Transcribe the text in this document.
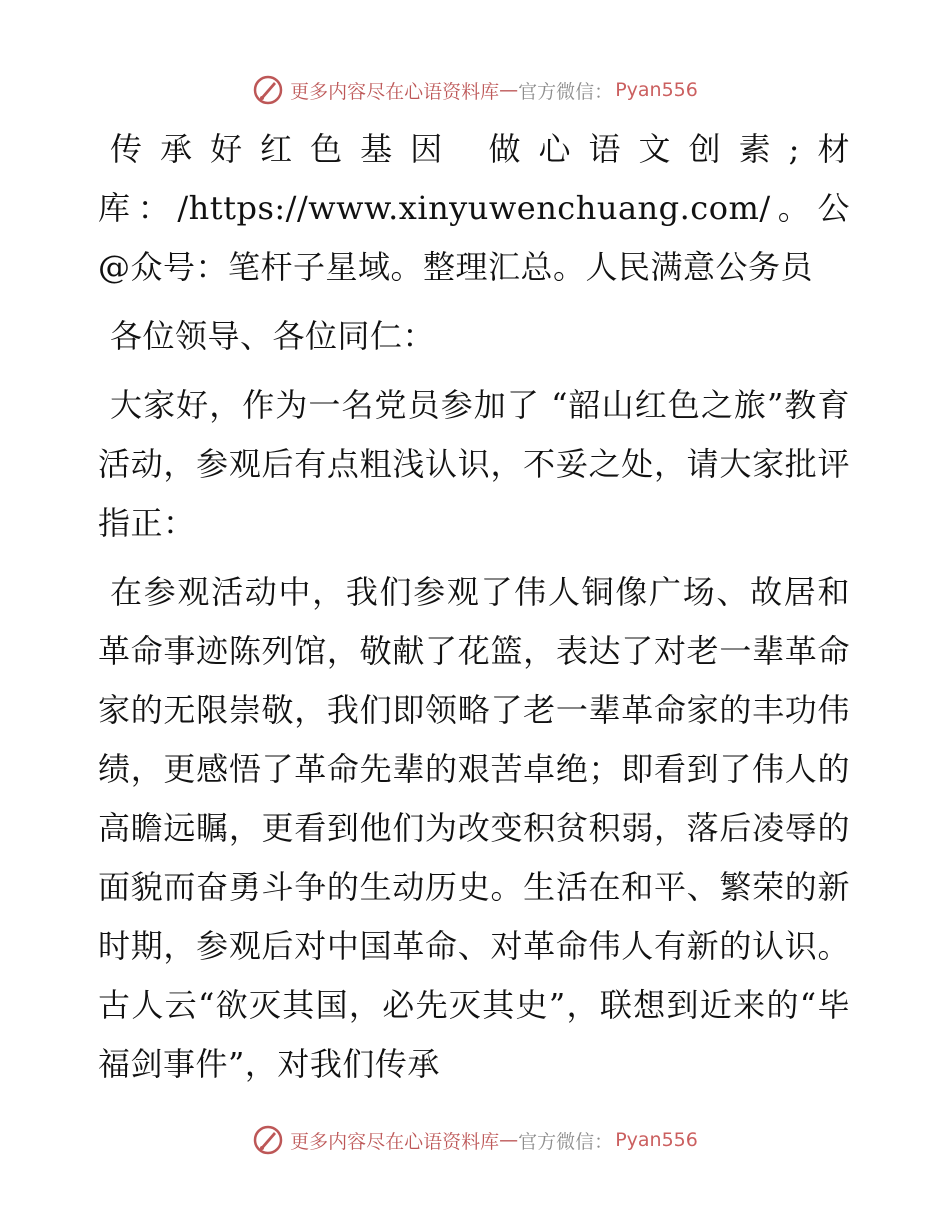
更多内容尽在心语资料库 — 官方微信： Pyan556

传承好红色基因 做心语文创素;材库：/https://www.xinyuwenchuang.com/。公@众号：笔杆子星域。整理汇总。人民满意公务员

各位领导、各位同仁：

大家好，作为一名党员参加了 “韶山红色之旅”教育活动，参观后有点粗浅认识，不妥之处，请大家批评指正：

在参观活动中，我们参观了伟人铜像广场、故居和革命事迹陈列馆，敬献了花篮，表达了对老一辈革命家的无限崇敬，我们即领略了老一辈革命家的丰功伟绩，更感悟了革命先辈的艰苦卓绝；即看到了伟人的高瞻远瞩，更看到他们为改变积贫积弱，落后凌辱的面貌而奋勇斗争的生动历史。生活在和平、繁荣的新时期，参观后对中国革命、对革命伟人有新的认识。古人云“欲灭其国，必先灭其史”，联想到近来的“毕福剑事件”，对我们传承

更多内容尽在心语资料库 — 官方微信： Pyan556
